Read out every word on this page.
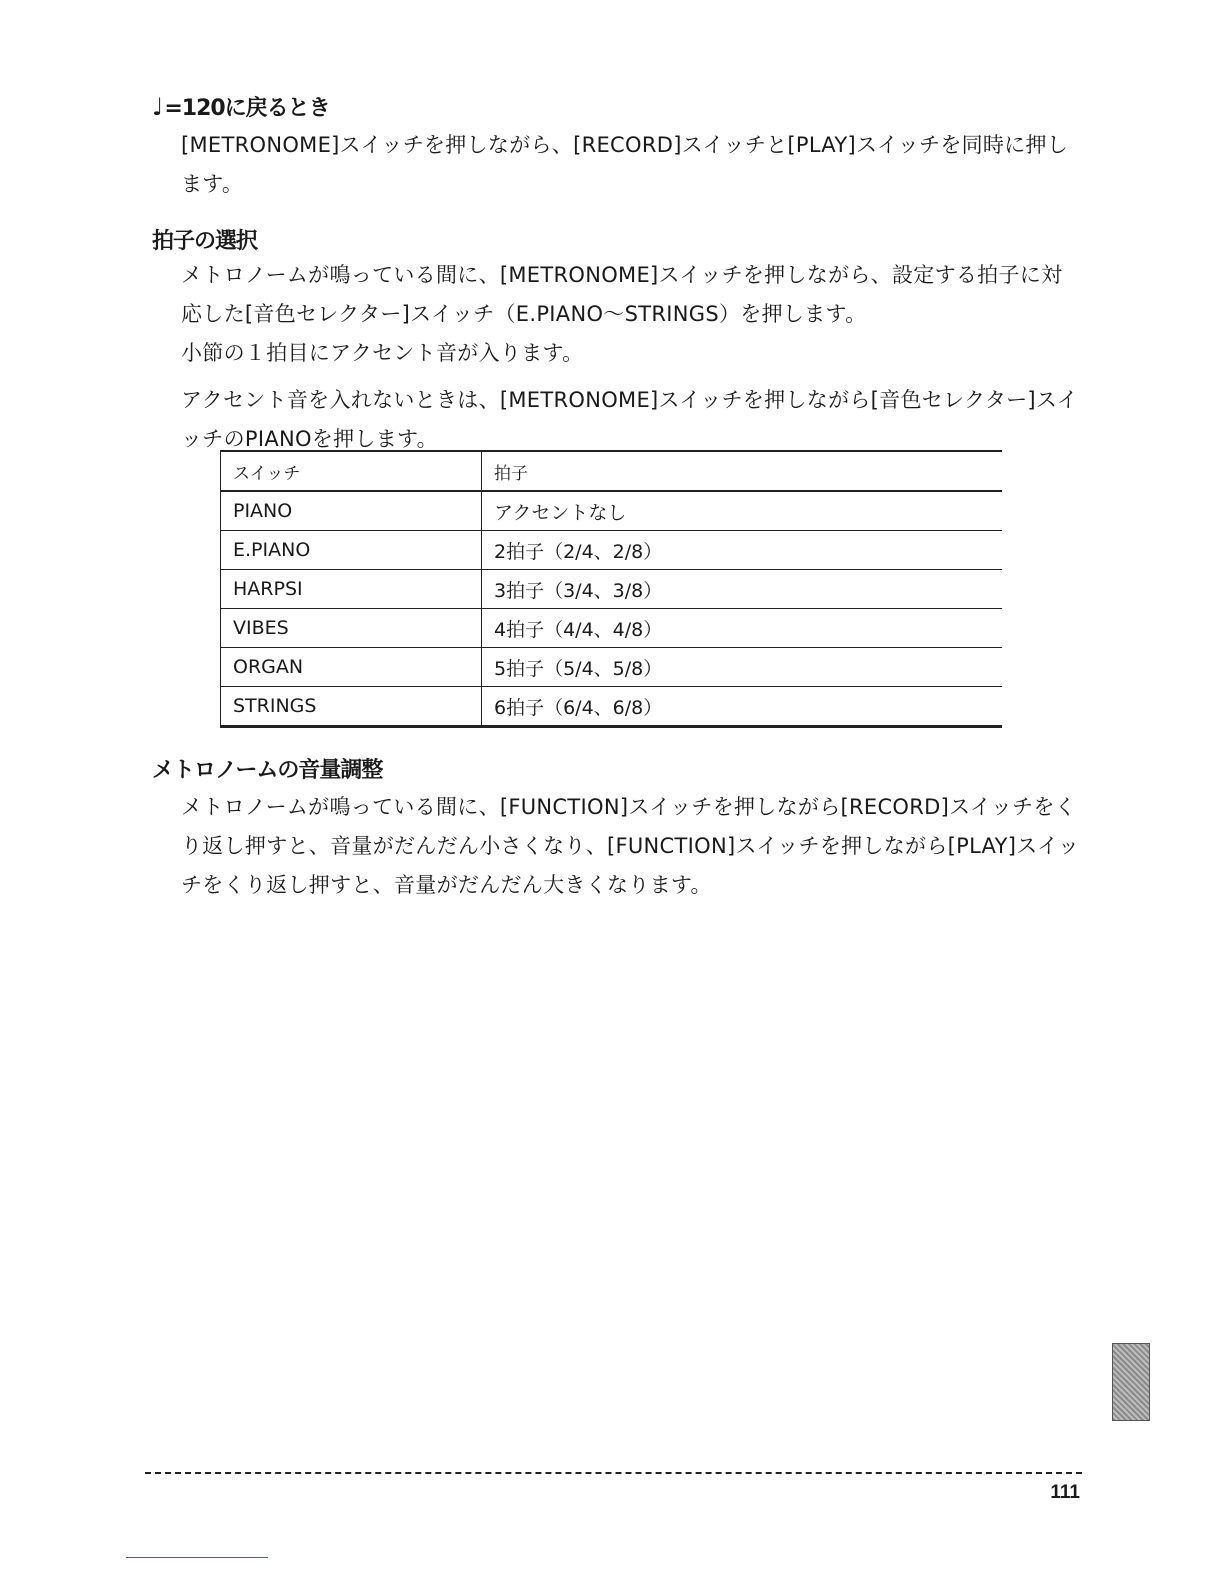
♩=120に戻るとき

[METRONOME]スイッチを押しながら、[RECORD]スイッチと[PLAY]スイッチを同時に押します。

拍子の選択

メトロノームが鳴っている間に、[METRONOME]スイッチを押しながら、設定する拍子に対応した[音色セレクター]スイッチ（E.PIANO～STRINGS）を押します。

小節の１拍目にアクセント音が入ります。

アクセント音を入れないときは、[METRONOME]スイッチを押しながら[音色セレクター]スイッチのPIANOを押します。

スイッチ	拍子
PIANO	アクセントなし
E.PIANO	2拍子（2/4、2/8）
HARPSI	3拍子（3/4、3/8）
VIBES	4拍子（4/4、4/8）
ORGAN	5拍子（5/4、5/8）
STRINGS	6拍子（6/4、6/8）
メトロノームの音量調整

メトロノームが鳴っている間に、[FUNCTION]スイッチを押しながら[RECORD]スイッチをくり返し押すと、音量がだんだん小さくなり、[FUNCTION]スイッチを押しながら[PLAY]スイッチをくり返し押すと、音量がだんだん大きくなります。

111
